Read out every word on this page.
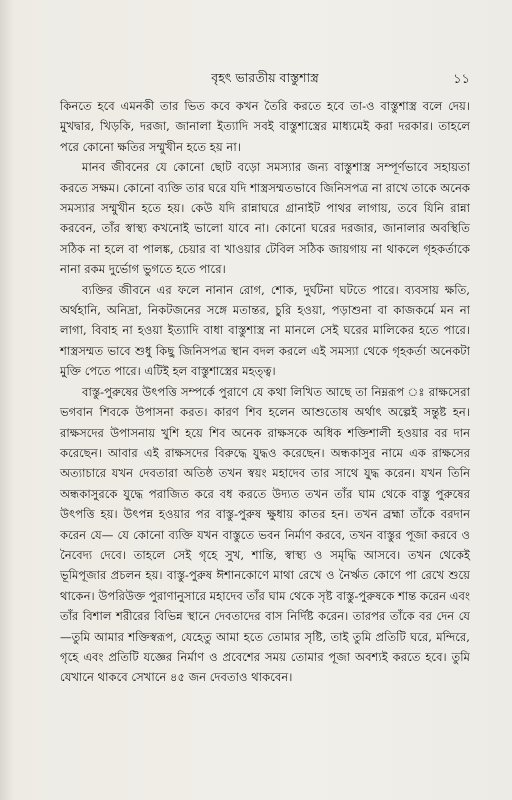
বৃহৎ ভারতীয় বাস্তুশাস্ত্র	১১

কিনতে হবে এমনকী তার ভিত কবে কখন তৈরি করতে হবে তা-ও বাস্তুশাস্ত্র বলে দেয়। মুখদ্বার, খিড়কি, দরজা, জানালা ইত্যাদি সবই বাস্তুশাস্ত্রের মাধ্যমেই করা দরকার। তাহলে পরে কোনো ক্ষতির সম্মুখীন হতে হয় না।

মানব জীবনের যে কোনো ছোট বড়ো সমস্যার জন্য বাস্তুশাস্ত্র সম্পূর্ণভাবে সহায়তা করতে সক্ষম। কোনো ব্যক্তি তার ঘরে যদি শাস্ত্রসম্মতভাবে জিনিসপত্র না রাখে তাকে অনেক সমস্যার সম্মুখীন হতে হয়। কেউ যদি রান্নাঘরে গ্রানাইট পাথর লাগায়, তবে যিনি রান্না করবেন, তাঁর স্বাস্থ্য কখনোই ভালো যাবে না। কোনো ঘরের দরজার, জানালার অবস্থিতি সঠিক না হলে বা পালঙ্ক, চেয়ার বা খাওয়ার টেবিল সঠিক জায়গায় না থাকলে গৃহকর্তাকে নানা রকম দুর্ভোগ ভুগতে হতে পারে।

ব্যক্তির জীবনে এর ফলে নানান রোগ, শোক, দুর্ঘটনা ঘটতে পারে। ব্যবসায় ক্ষতি, অর্থহানি, অনিদ্রা, নিকটজনের সঙ্গে মতান্তর, চুরি হওয়া, পড়াশুনা বা কাজকর্মে মন না লাগা, বিবাহ না হওয়া ইত্যাদি বাধা বাস্তুশাস্ত্র না মানলে সেই ঘরের মালিকের হতে পারে। শাস্ত্রসম্মত ভাবে শুধু কিছু জিনিসপত্র স্থান বদল করলে এই সমস্যা থেকে গৃহকর্তা অনেকটা মুক্তি পেতে পারে। এটিই হল বাস্তুশাস্ত্রের মহত্ত্ব।

বাস্তু-পুরুষের উৎপত্তি সম্পর্কে পুরাণে যে কথা লিখিত আছে তা নিম্নরূপ ঃ রাক্ষসেরা ভগবান শিবকে উপাসনা করত। কারণ শিব হলেন আশুতোষ অর্থাৎ অল্পেই সন্তুষ্ট হন। রাক্ষসদের উপাসনায় খুশি হয়ে শিব অনেক রাক্ষসকে অধিক শক্তিশালী হওয়ার বর দান করেছেন। আবার এই রাক্ষসদের বিরুদ্ধে যুদ্ধও করেছেন। অন্ধকাসুর নামে এক রাক্ষসের অত্যাচারে যখন দেবতারা অতিষ্ঠ তখন স্বয়ং মহাদেব তার সাথে যুদ্ধ করেন। যখন তিনি অন্ধকাসুরকে যুদ্ধে পরাজিত করে বধ করতে উদ্যত তখন তাঁর ঘাম থেকে বাস্তু পুরুষের উৎপত্তি হয়। উৎপন্ন হওয়ার পর বাস্তু-পুরুষ ক্ষুধায় কাতর হন। তখন ব্রহ্মা তাঁকে বরদান করেন যে— যে কোনো ব্যক্তি যখন বাস্তুতে ভবন নির্মাণ করবে, তখন বাস্তুর পূজা করবে ও নৈবেদ্য দেবে। তাহলে সেই গৃহে সুখ, শান্তি, স্বাস্থ্য ও সমৃদ্ধি আসবে। তখন থেকেই ভূমিপূজার প্রচলন হয়। বাস্তু-পুরুষ ঈশানকোণে মাথা রেখে ও নৈর্ঋত কোণে পা রেখে শুয়ে থাকেন। উপরিউক্ত পুরাণানুসারে মহাদেব তাঁর ঘাম থেকে সৃষ্ট বাস্তু-পুরুষকে শান্ত করেন এবং তাঁর বিশাল শরীরের বিভিন্ন স্থানে দেবতাদের বাস নির্দিষ্ট করেন। তারপর তাঁকে বর দেন যে—তুমি আমার শক্তিস্বরূপ, যেহেতু আমা হতে তোমার সৃষ্টি, তাই তুমি প্রতিটি ঘরে, মন্দিরে, গৃহে এবং প্রতিটি যজ্ঞের নির্মাণ ও প্রবেশের সময় তোমার পূজা অবশ্যই করতে হবে। তুমি যেখানে থাকবে সেখানে ৪৫ জন দেবতাও থাকবেন।
